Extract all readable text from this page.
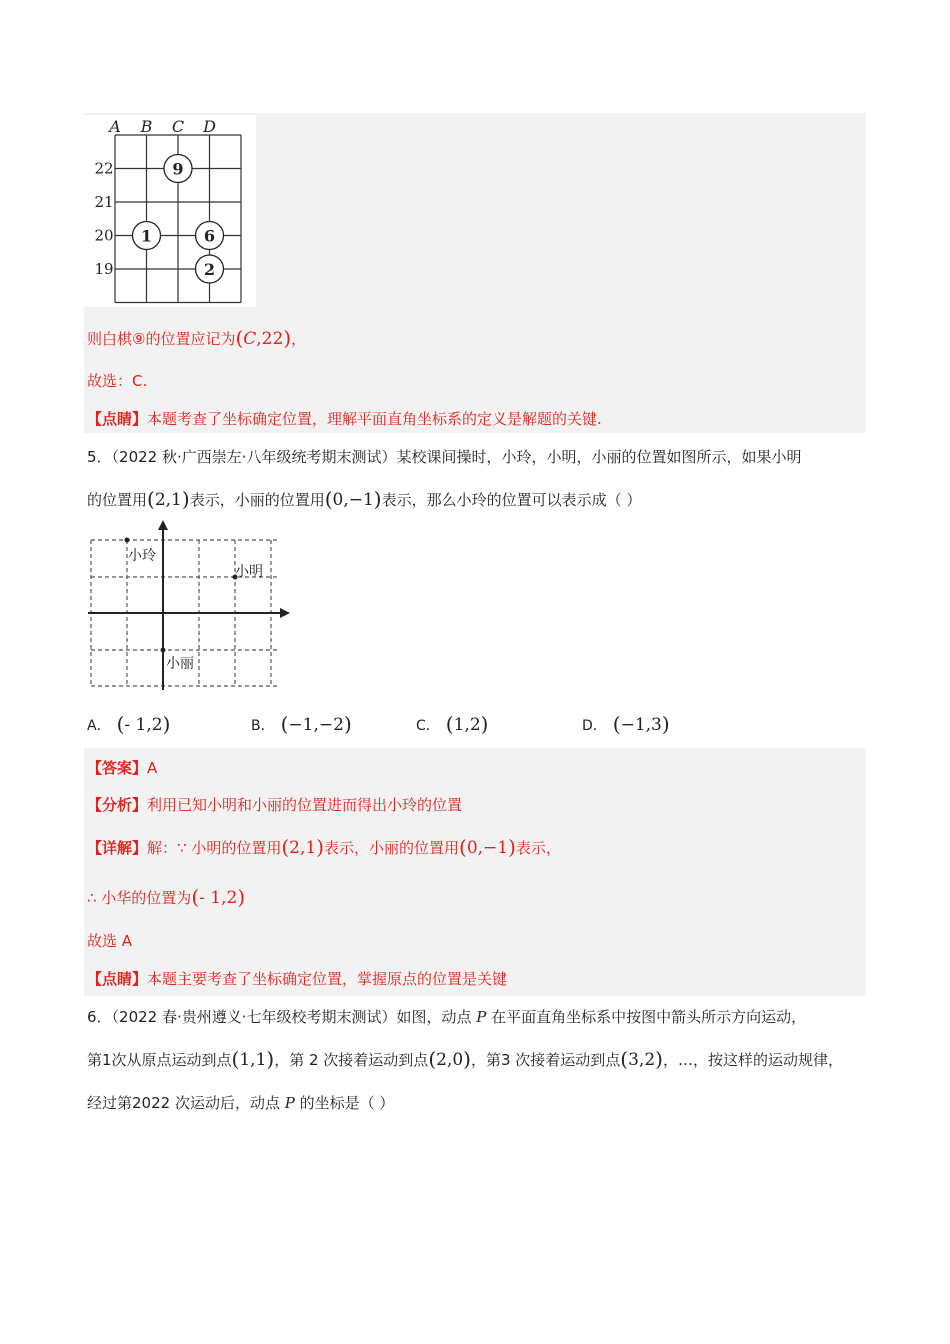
A B C D
22
21
20
19
9
1	6
2
则白棋⑨的位置应记为(C,22)，
故选：C.
【点睛】本题考查了坐标确定位置，理解平面直角坐标系的定义是解题的关键.
5．（2022 秋·广西崇左·八年级统考期末测试）某校课间操时，小玲，小明，小丽的位置如图所示，如果小明
的位置用(2,1)表示，小丽的位置用(0,−1)表示，那么小玲的位置可以表示成（ ）
小玲
小明
小丽
A． (- 1,2)	B． (−1,−2)	C． (1,2)	D． (−1,3)
【答案】A
【分析】利用已知小明和小丽的位置进而得出小玲的位置
【详解】解：∵ 小明的位置用(2,1)表示，小丽的位置用(0,−1)表示，
∴ 小华的位置为(- 1,2)
故选 A
【点睛】本题主要考查了坐标确定位置，掌握原点的位置是关键
6．（2022 春·贵州遵义·七年级校考期末测试）如图，动点 P 在平面直角坐标系中按图中箭头所示方向运动，
第1次从原点运动到点(1,1)，第 2 次接着运动到点(2,0)，第3 次接着运动到点(3,2)，…，按这样的运动规律，
经过第2022 次运动后，动点 P 的坐标是（ ）
